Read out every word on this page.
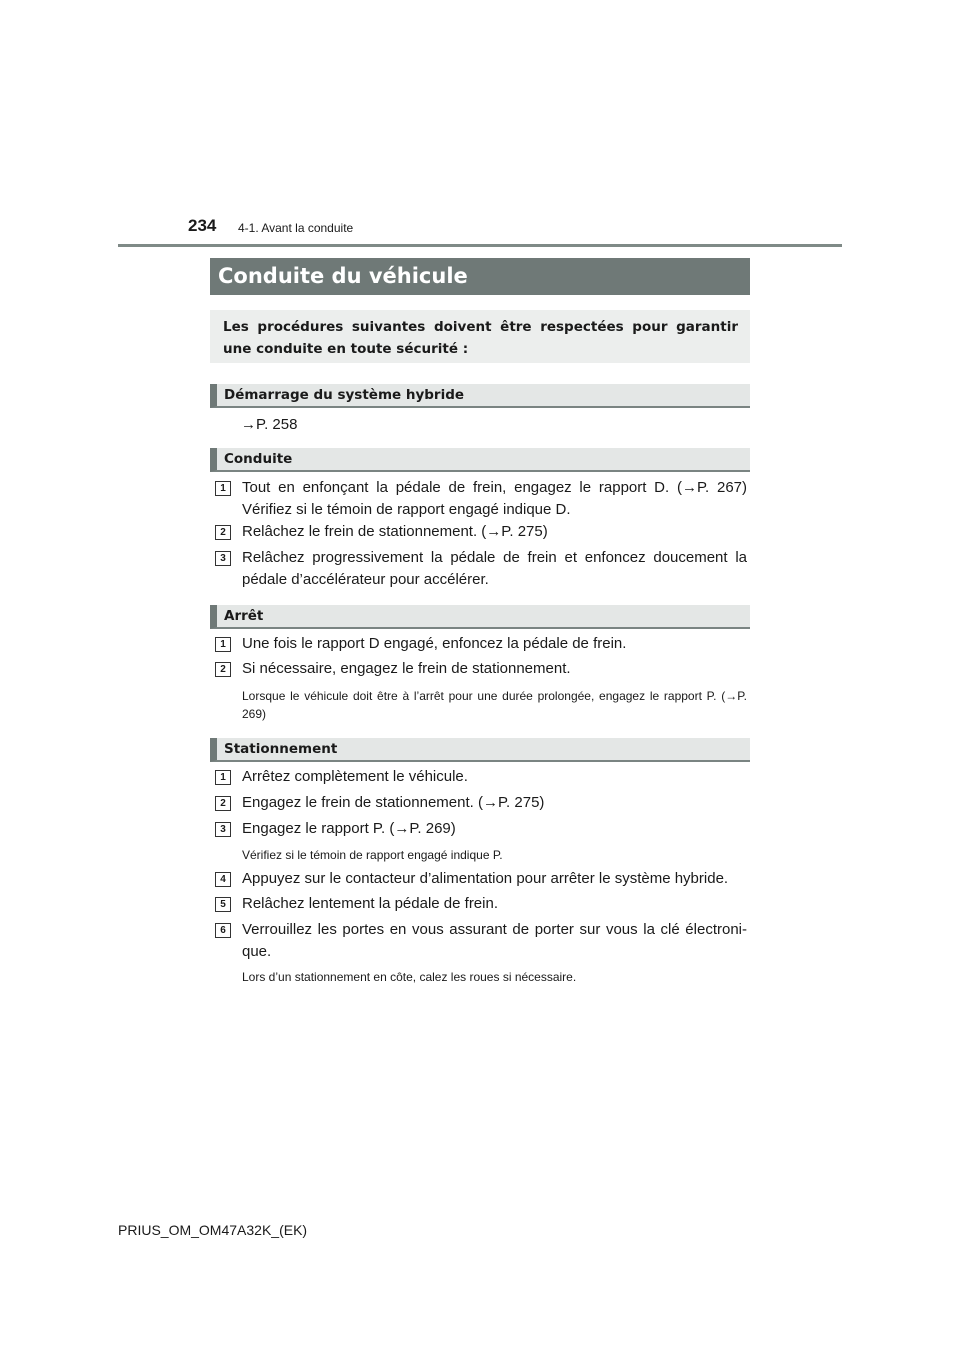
234 4-1. Avant la conduite
Conduite du véhicule
Les procédures suivantes doivent être respectées pour garantir une conduite en toute sécurité :
Démarrage du système hybride
→P. 258
Conduite
1	Tout en enfonçant la pédale de frein, engagez le rapport D. (→P. 267) Vérifiez si le témoin de rapport engagé indique D.
2	Relâchez le frein de stationnement. (→P. 275)
3	Relâchez progressivement la pédale de frein et enfoncez doucement la pédale d’accélérateur pour accélérer.
Arrêt
1	Une fois le rapport D engagé, enfoncez la pédale de frein.
2	Si nécessaire, engagez le frein de stationnement.
Lorsque le véhicule doit être à l’arrêt pour une durée prolongée, engagez le rapport P. (→P. 269)
Stationnement
1	Arrêtez complètement le véhicule.
2	Engagez le frein de stationnement. (→P. 275)
3	Engagez le rapport P. (→P. 269)
Vérifiez si le témoin de rapport engagé indique P.
4	Appuyez sur le contacteur d’alimentation pour arrêter le système hybride.
5	Relâchez lentement la pédale de frein.
6	Verrouillez les portes en vous assurant de porter sur vous la clé électroni-que.
Lors d’un stationnement en côte, calez les roues si nécessaire.
PRIUS_OM_OM47A32K_(EK)
